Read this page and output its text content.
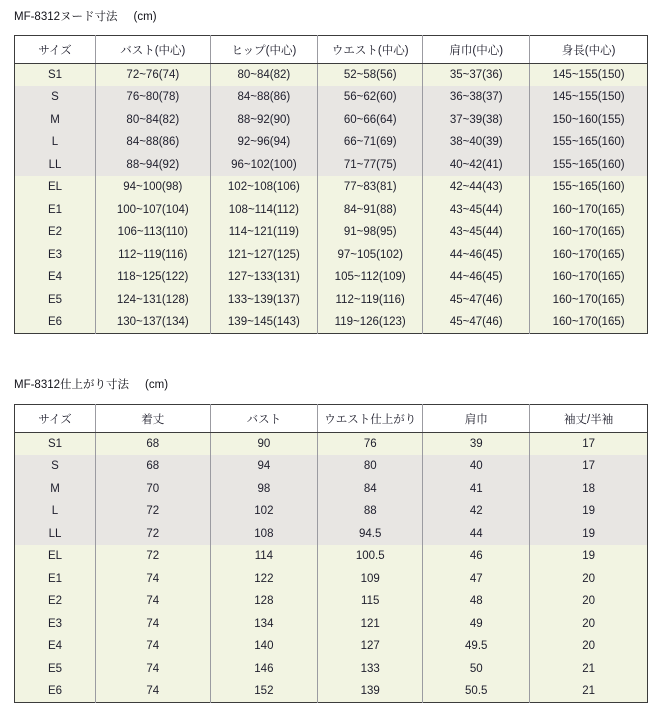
MF-8312ヌード寸法 (cm)
サイズ	バスト(中心)	ヒップ(中心)	ウエスト(中心)	肩巾(中心)	身長(中心)
S1	72~76(74)	80~84(82)	52~58(56)	35~37(36)	145~155(150)
S	76~80(78)	84~88(86)	56~62(60)	36~38(37)	145~155(150)
M	80~84(82)	88~92(90)	60~66(64)	37~39(38)	150~160(155)
L	84~88(86)	92~96(94)	66~71(69)	38~40(39)	155~165(160)
LL	88~94(92)	96~102(100)	71~77(75)	40~42(41)	155~165(160)
EL	94~100(98)	102~108(106)	77~83(81)	42~44(43)	155~165(160)
E1	100~107(104)	108~114(112)	84~91(88)	43~45(44)	160~170(165)
E2	106~113(110)	114~121(119)	91~98(95)	43~45(44)	160~170(165)
E3	112~119(116)	121~127(125)	97~105(102)	44~46(45)	160~170(165)
E4	118~125(122)	127~133(131)	105~112(109)	44~46(45)	160~170(165)
E5	124~131(128)	133~139(137)	112~119(116)	45~47(46)	160~170(165)
E6	130~137(134)	139~145(143)	119~126(123)	45~47(46)	160~170(165)
MF-8312仕上がり寸法 (cm)
サイズ	着丈	バスト	ウエスト仕上がり	肩巾	袖丈/半袖
S1	68	90	76	39	17
S	68	94	80	40	17
M	70	98	84	41	18
L	72	102	88	42	19
LL	72	108	94.5	44	19
EL	72	114	100.5	46	19
E1	74	122	109	47	20
E2	74	128	115	48	20
E3	74	134	121	49	20
E4	74	140	127	49.5	20
E5	74	146	133	50	21
E6	74	152	139	50.5	21
